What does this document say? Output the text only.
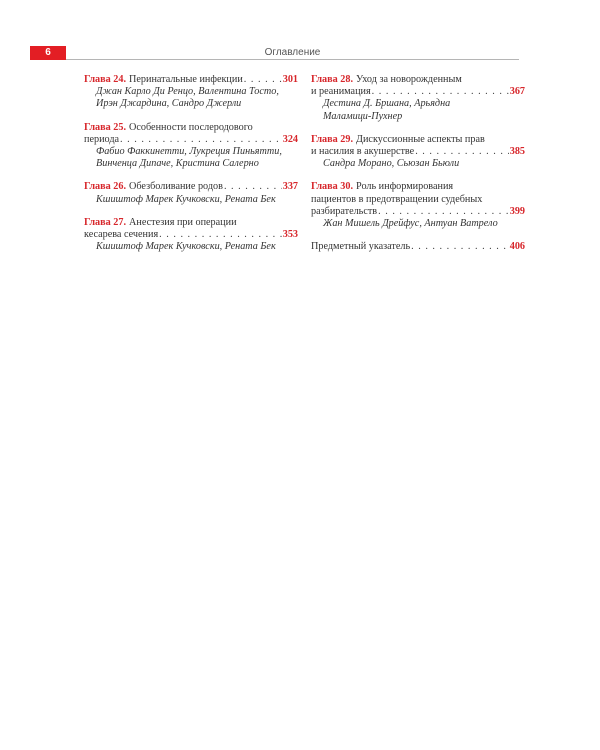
6	Оглавление
Глава 24. Перинатальные инфекции . . .	301
Джан Карло Ди Ренцо, Валентина Тосто,
Ирэн Джардина, Сандро Джерли
Глава 25. Особенности послеродового
периода . . .	324
Фабио Факкинетти, Лукреция Пиньятти,
Винченца Дипаче, Кристина Салерно
Глава 26. Обезболивание родов . . .	337
Кшиштоф Марек Кучковски, Рената Бек
Глава 27. Анестезия при операции
кесарева сечения . . .	353
Кшиштоф Марек Кучковски, Рената Бек
Глава 28. Уход за новорожденным
и реанимация . . .	367
Дестина Д. Бршана, Арьядна
Маламици-Пухнер
Глава 29. Дискуссионные аспекты прав
и насилия в акушерстве . . .	385
Сандра Морано, Сьюзан Бьюли
Глава 30. Роль информирования
пациентов в предотвращении судебных
разбирательств . . .	399
Жан Мишель Дрейфус, Антуан Ватрело
Предметный указатель . . .	406
